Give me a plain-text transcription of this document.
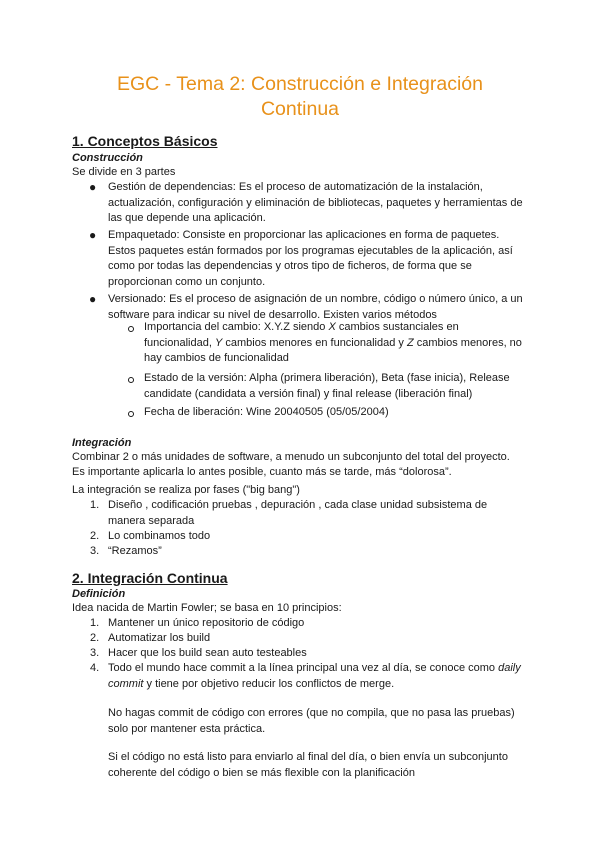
EGC - Tema 2: Construcción e Integración
Continua
1. Conceptos Básicos
Construcción

Se divide en 3 partes

● Gestión de dependencias: Es el proceso de automatización de la instalación,
actualización, configuración y eliminación de bibliotecas, paquetes y herramientas de
las que depende una aplicación.
● Empaquetado: Consiste en proporcionar las aplicaciones en forma de paquetes.
Estos paquetes están formados por los programas ejecutables de la aplicación, así
como por todas las dependencias y otros tipo de ficheros, de forma que se
proporcionan como un conjunto.
● Versionado: Es el proceso de asignación de un nombre, código o número único, a un
software para indicar su nivel de desarrollo. Existen varios métodos
Importancia del cambio: X.Y.Z siendo X cambios sustanciales en
funcionalidad, Y cambios menores en funcionalidad y Z cambios menores, no
hay cambios de funcionalidad
Estado de la versión: Alpha (primera liberación), Beta (fase inicia), Release
candidate (candidata a versión final) y final release (liberación final)
Fecha de liberación: Wine 20040505 (05/05/2004)
Integración

Combinar 2 o más unidades de software, a menudo un subconjunto del total del proyecto.
Es importante aplicarla lo antes posible, cuanto más se tarde, más “dolorosa”.

La integración se realiza por fases ("big bang")

1. Diseño , codificación pruebas , depuración , cada clase unidad subsistema de
manera separada
2. Lo combinamos todo
3. “Rezamos”
2. Integración Continua
Definición

Idea nacida de Martin Fowler; se basa en 10 principios:

1. Mantener un único repositorio de código
2. Automatizar los build
3. Hacer que los build sean auto testeables
4. Todo el mundo hace commit a la línea principal una vez al día, se conoce como daily
commit y tiene por objetivo reducir los conflictos de merge.
No hagas commit de código con errores (que no compila, que no pasa las pruebas)
solo por mantener esta práctica.
Si el código no está listo para enviarlo al final del día, o bien envía un subconjunto
coherente del código o bien se más flexible con la planificación
